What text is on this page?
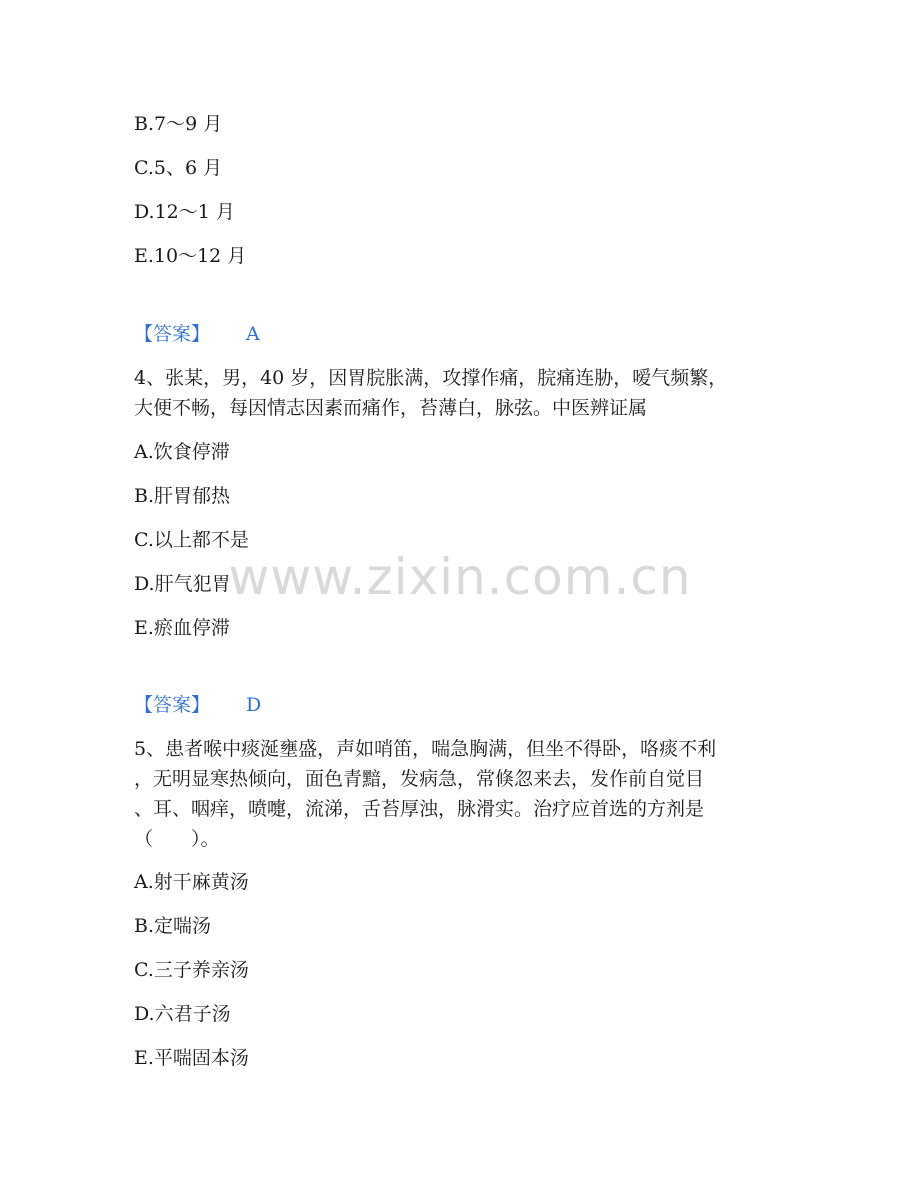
B.7～9 月
C.5、6 月
D.12～1 月
E.10～12 月
【答案】 A
4、张某，男，40 岁，因胃脘胀满，攻撑作痛，脘痛连胁，嗳气频繁，
大便不畅，每因情志因素而痛作，苔薄白，脉弦。中医辨证属
A.饮食停滞
B.肝胃郁热
C.以上都不是
D.肝气犯胃
E.瘀血停滞
【答案】 D
5、患者喉中痰涎壅盛，声如哨笛，喘急胸满，但坐不得卧，咯痰不利
，无明显寒热倾向，面色青黯，发病急，常倏忽来去，发作前自觉目
、耳、咽痒，喷嚏，流涕，舌苔厚浊，脉滑实。治疗应首选的方剂是
（　　）。
A.射干麻黄汤
B.定喘汤
C.三子养亲汤
D.六君子汤
E.平喘固本汤
www.zixin.com.cn
